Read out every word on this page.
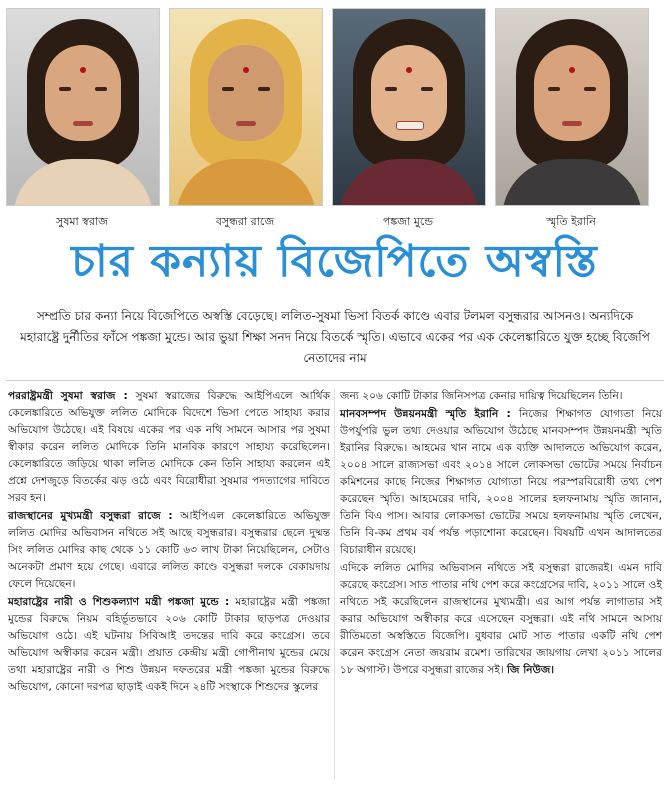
সুষমা স্বরাজ	বসুন্ধরা রাজে	পঙ্কজা মুন্ডে	স্মৃতি ইরানি
চার কন্যায় বিজেপিতে অস্বস্তি
সম্প্রতি চার কন্যা নিয়ে বিজেপিতে অস্বস্তি বেড়েছে। ললিত-সুষমা ভিসা বিতর্ক কাণ্ডে এবার টলমল বসুন্ধরার আসনও। অন্যদিকে মহারাষ্ট্রে দুর্নীতির ফাঁসে পঙ্কজা মুন্ডে। আর ভুয়া শিক্ষা সনদ নিয়ে বিতর্কে স্মৃতি। এভাবে একের পর এক কেলেঙ্কারিতে যুক্ত হচ্ছে বিজেপি নেতাদের নাম

পররাষ্ট্রমন্ত্রী সুষমা স্বরাজ : সুষমা স্বরাজের বিরুদ্ধে আইপিএলে আর্থিক কেলেঙ্কারিতে অভিযুক্ত ললিত মোদিকে বিদেশে ভিসা পেতে সাহায্য করার অভিযোগ উঠেছে। এই বিষয়ে একের পর এক নথি সামনে আসার পর সুষমা স্বীকার করেন ললিত মোদিকে তিনি মানবিক কারণে সাহায্য করেছিলেন। কেলেঙ্কারিতে জড়িয়ে থাকা ললিত মোদিকে কেন তিনি সাহায্য করলেন এই প্রশ্নে দেশজুড়ে বিতর্কের ঝড় ওঠে এবং বিরোধীরা সুষমার পদত্যাগের দাবিতে সরব হন।

রাজস্থানের মুখ্যমন্ত্রী বসুন্ধরা রাজে : আইপিএল কেলেঙ্কারিতে অভিযুক্ত ললিত মোদির অভিবাসন নথিতে সই আছে বসুন্ধরার। বসুন্ধরার ছেলে দুষ্মন্ত সিং ললিত মোদির কাছ থেকে ১১ কোটি ৬৩ লাখ টাকা নিয়েছিলেন, সেটাও অনেকটা প্রমাণ হয়ে গেছে। এবারে ললিত কাণ্ডে বসুন্ধরা দলকে বেকায়দায় ফেলে দিয়েছেন।

মহারাষ্ট্রের নারী ও শিশুকল্যাণ মন্ত্রী পঙ্কজা মুন্ডে : মহারাষ্ট্রের মন্ত্রী পঙ্কজা মুন্ডের বিরুদ্ধে নিয়ম বহির্ভূতভাবে ২০৬ কোটি টাকার ছাড়পত্র দেওয়ার অভিযোগ ওঠে। এই ঘটনায় সিবিআই তদন্তের দাবি করে কংগ্রেস। তবে অভিযোগ অস্বীকার করেন মন্ত্রী। প্রয়াত কেন্দ্রীয় মন্ত্রী গোপীনাথ মুন্ডের মেয়ে তথা মহারাষ্ট্রের নারী ও শিশু উন্নয়ন দফতরের মন্ত্রী পঙ্কজা মুন্ডের বিরুদ্ধে অভিযোগ, কোনো দরপত্র ছাড়াই একই দিনে ২৪টি সংস্থাকে শিশুদের স্কুলের

জন্য ২০৬ কোটি টাকার জিনিসপত্র কেনার দায়িত্ব দিয়েছিলেন তিনি।

মানবসম্পদ উন্নয়নমন্ত্রী স্মৃতি ইরানি : নিজের শিক্ষাগত যোগ্যতা নিয়ে উপর্যুপরি ভুল তথ্য দেওয়ার অভিযোগ উঠেছে মানবসম্পদ উন্নয়নমন্ত্রী স্মৃতি ইরানির বিরুদ্ধে। আহমের খান নামে এক ব্যক্তি আদালতে অভিযোগ করেন, ২০০৪ সালে রাজ্যসভা এবং ২০১৪ সালে লোকসভা ভোটের সময়ে নির্বাচন কমিশনের কাছে নিজের শিক্ষাগত যোগ্যতা নিয়ে পরস্পরবিরোধী তথ্য পেশ করেছেন স্মৃতি। আহমেরের দাবি, ২০০৪ সালের হলফনামায় স্মৃতি জানান, তিনি বিএ পাস। আবার লোকসভা ভোটের সময়ে হলফনামায় স্মৃতি লেখেন, তিনি বি-কম প্রথম বর্ষ পর্যন্ত পড়াশোনা করেছেন। বিষয়টি এখন আদালতের বিচারাধীন রয়েছে।

এদিকে ললিত মোদির অভিবাসন নথিতে সই বসুন্ধরা রাজেরই। এমন দাবি করেছে কংগ্রেস। সাত পাতার নথি পেশ করে কংগ্রেসের দাবি, ২০১১ সালে ওই নথিতে সই করেছিলেন রাজস্থানের মুখ্যমন্ত্রী। এর আগ পর্যন্ত লাগাতার সই করার অভিযোগ অস্বীকার করে এসেছেন বসুন্ধরা। এই নথি সামনে আসায় রীতিমতো অস্বস্তিতে বিজেপি। বুধবার মোট সাত পাতার একটি নথি পেশ করেন কংগ্রেস নেতা জয়রাম রমেশ। তারিখের জায়গায় লেখা ২০১১ সালের ১৮ অগাস্ট। উপরে বসুন্ধরা রাজের সই। জি নিউজ।
